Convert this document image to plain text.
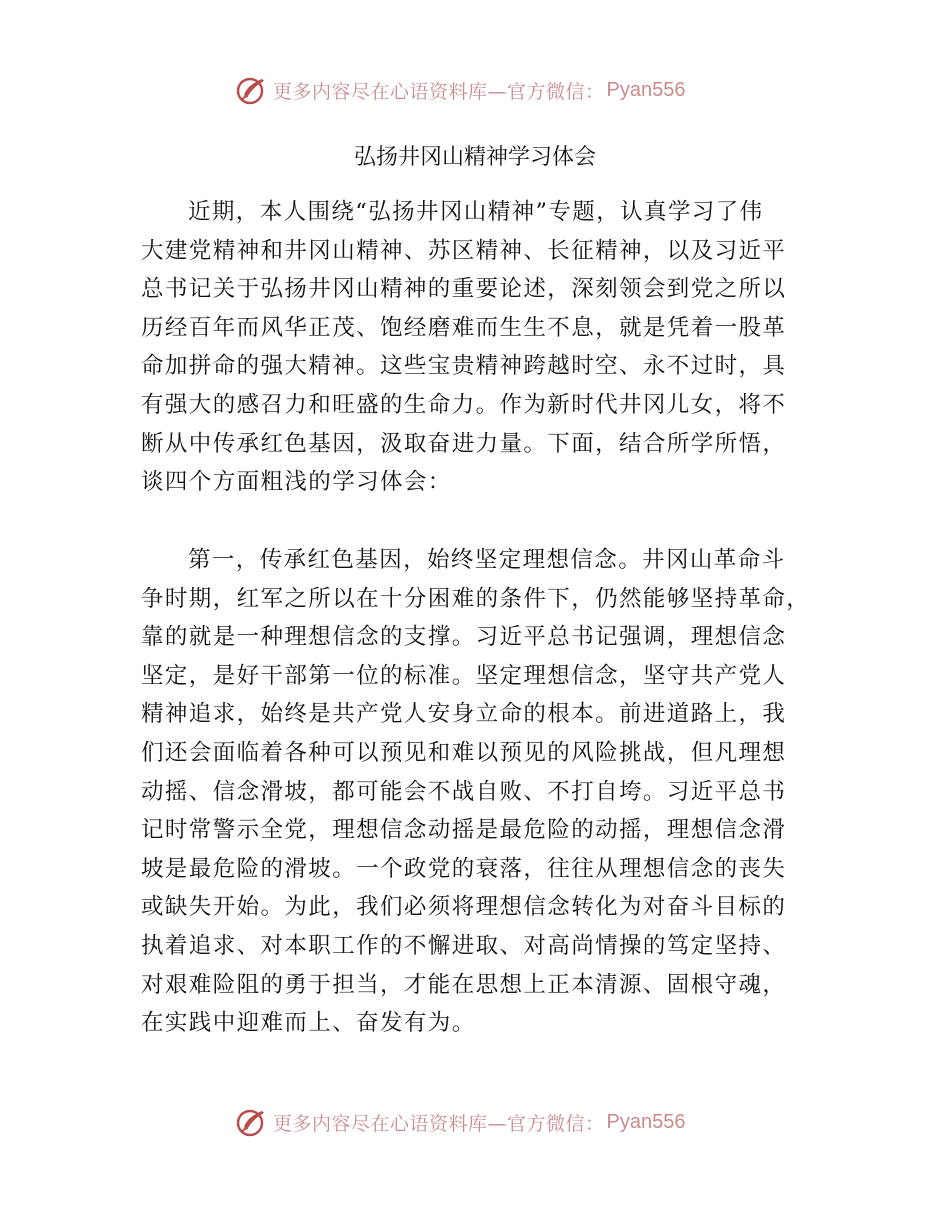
更多内容尽在心语资料库—官方微信： Pyan556
弘扬井冈山精神学习体会
近期，本人围绕“弘扬井冈山精神”专题，认真学习了伟
大建党精神和井冈山精神、苏区精神、长征精神，以及习近平
总书记关于弘扬井冈山精神的重要论述，深刻领会到党之所以
历经百年而风华正茂、饱经磨难而生生不息，就是凭着一股革
命加拼命的强大精神。这些宝贵精神跨越时空、永不过时，具
有强大的感召力和旺盛的生命力。作为新时代井冈儿女，将不
断从中传承红色基因，汲取奋进力量。下面，结合所学所悟，
谈四个方面粗浅的学习体会：
第一，传承红色基因，始终坚定理想信念。井冈山革命斗
争时期，红军之所以在十分困难的条件下，仍然能够坚持革命，
靠的就是一种理想信念的支撑。习近平总书记强调，理想信念
坚定，是好干部第一位的标准。坚定理想信念，坚守共产党人
精神追求，始终是共产党人安身立命的根本。前进道路上，我
们还会面临着各种可以预见和难以预见的风险挑战，但凡理想
动摇、信念滑坡，都可能会不战自败、不打自垮。习近平总书
记时常警示全党，理想信念动摇是最危险的动摇，理想信念滑
坡是最危险的滑坡。一个政党的衰落，往往从理想信念的丧失
或缺失开始。为此，我们必须将理想信念转化为对奋斗目标的
执着追求、对本职工作的不懈进取、对高尚情操的笃定坚持、
对艰难险阻的勇于担当，才能在思想上正本清源、固根守魂，
在实践中迎难而上、奋发有为。
更多内容尽在心语资料库—官方微信： Pyan556
